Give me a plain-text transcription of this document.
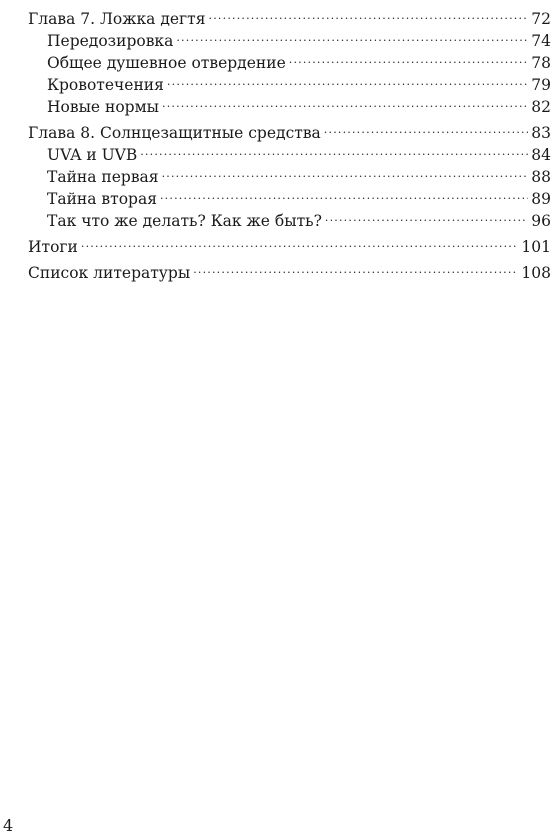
Глава 7. Ложка дегтя .....	72
Передозировка .....	74
Общее душевное отвердение .....	78
Кровотечения .....	79
Новые нормы .....	82
Глава 8. Солнцезащитные средства .....	83
UVA и UVB .....	84
Тайна первая .....	88
Тайна вторая .....	89
Так что же делать? Как же быть? .....	96
Итоги .....	101
Список литературы .....	108
4
